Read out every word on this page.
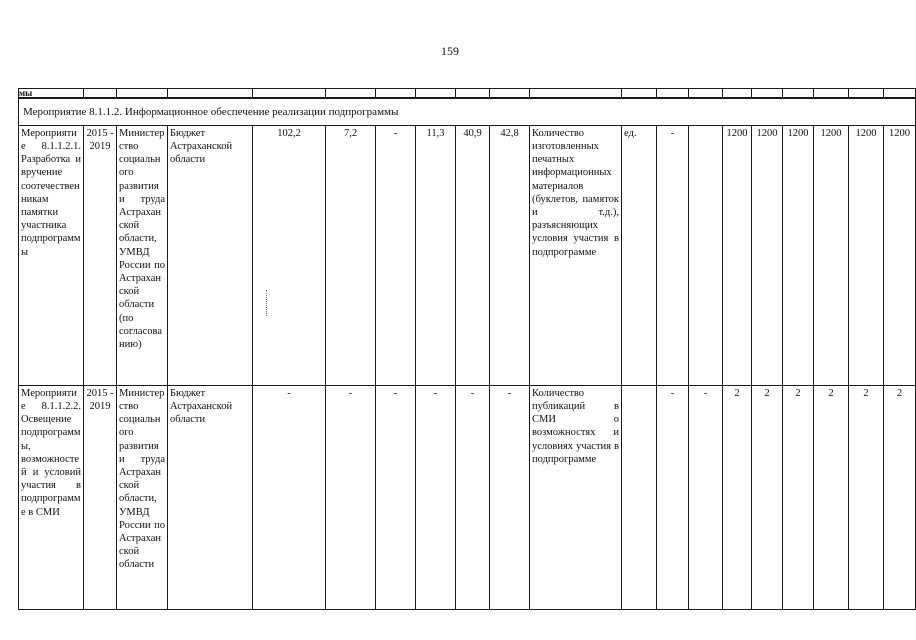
159
мы																			
Мероприятие 8.1.1.2. Информационное обеспечение реализации подпрограммы																			
Мероприятие 8.1.1.2.1. Разработка и вручение соотечественникам памятки участника подпрограммы	2015 - 2019	Министерство социального развития и труда Астраханской области, УМВД России по Астраханской области (по согласованию)	Бюджет Астраханской области	102,2	7,2	-	11,3	40,9	42,8	Количество изготовленных печатных информационных материалов (буклетов, памяток и т.д.), разъясняющих условия участия в подпрограмме	ед.	-		1200	1200	1200	1200	1200	1200
Мероприятие 8.1.1.2.2. Освещение подпрограммы, возможностей и условий участия в подпрограмме в СМИ	2015 - 2019	Министерство социального развития и труда Астраханской области, УМВД России по Астраханской области	Бюджет Астраханской области	-	-	-	-	-	-	Количество публикаций в СМИ о возможностях и условиях участия в подпрограмме		-	-	2	2	2	2	2	2
